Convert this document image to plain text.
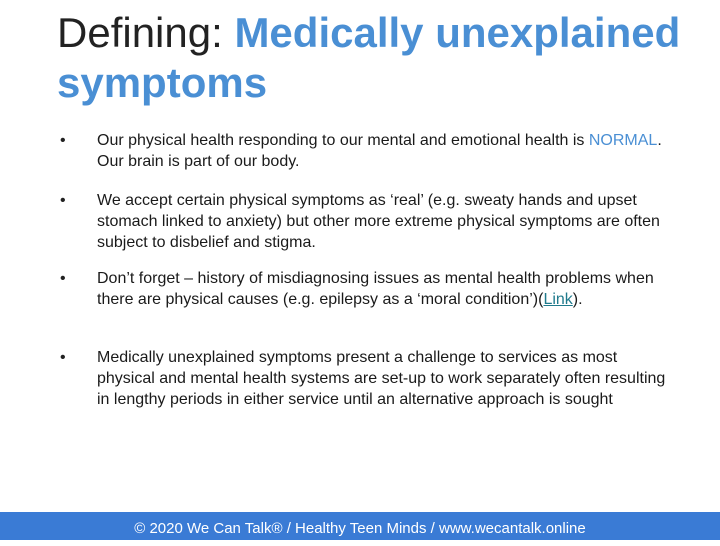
Defining: Medically unexplained symptoms
• Our physical health responding to our mental and emotional health is NORMAL. Our brain is part of our body.
• We accept certain physical symptoms as ‘real’ (e.g. sweaty hands and upset stomach linked to anxiety) but other more extreme physical symptoms are often subject to disbelief and stigma.
• Don’t forget – history of misdiagnosing issues as mental health problems when there are physical causes (e.g. epilepsy as a ‘moral condition’)(Link).
• Medically unexplained symptoms present a challenge to services as most physical and mental health systems are set-up to work separately often resulting in lengthy periods in either service until an alternative approach is sought
© 2020 We Can Talk® / Healthy Teen Minds / www.wecantalk.online
